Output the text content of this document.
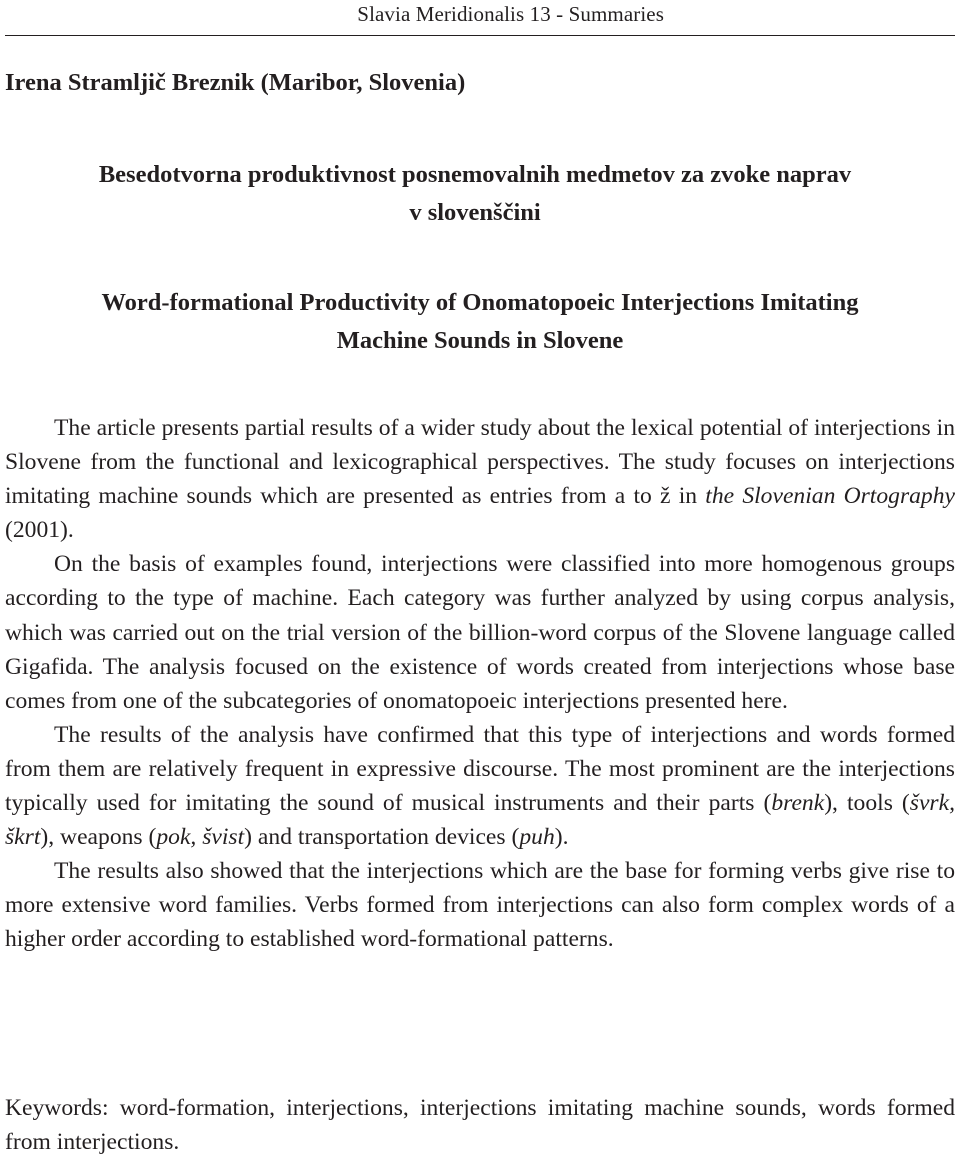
Slavia Meridionalis 13 - Summaries
Irena Stramljič Breznik (Maribor, Slovenia)
Besedotvorna produktivnost posnemovalnih medmetov za zvoke naprav
v slovenščini
Word-formational Productivity of Onomatopoeic Interjections Imitating
Machine Sounds in Slovene

The article presents partial results of a wider study about the lexical potential of interjections in Slovene from the functional and lexicographical perspectives. The study focuses on interjections imitating machine sounds which are presented as entries from a to ž in the Slovenian Ortography (2001).

On the basis of examples found, interjections were classified into more homogenous groups according to the type of machine. Each category was further analyzed by using corpus analysis, which was carried out on the trial version of the billion-word corpus of the Slovene language called Gigafida. The analysis focused on the existence of words created from interjections whose base comes from one of the subcategories of onomatopoeic interjections presented here.

The results of the analysis have confirmed that this type of interjections and words formed from them are relatively frequent in expressive discourse. The most prominent are the interjections typically used for imitating the sound of musical instruments and their parts (brenk), tools (švrk, škrt), weapons (pok, švist) and transportation devices (puh).

The results also showed that the interjections which are the base for forming verbs give rise to more extensive word families. Verbs formed from interjections can also form complex words of a higher order according to established word-formational patterns.

Keywords: word-formation, interjections, interjections imitating machine sounds, words formed from interjections.
